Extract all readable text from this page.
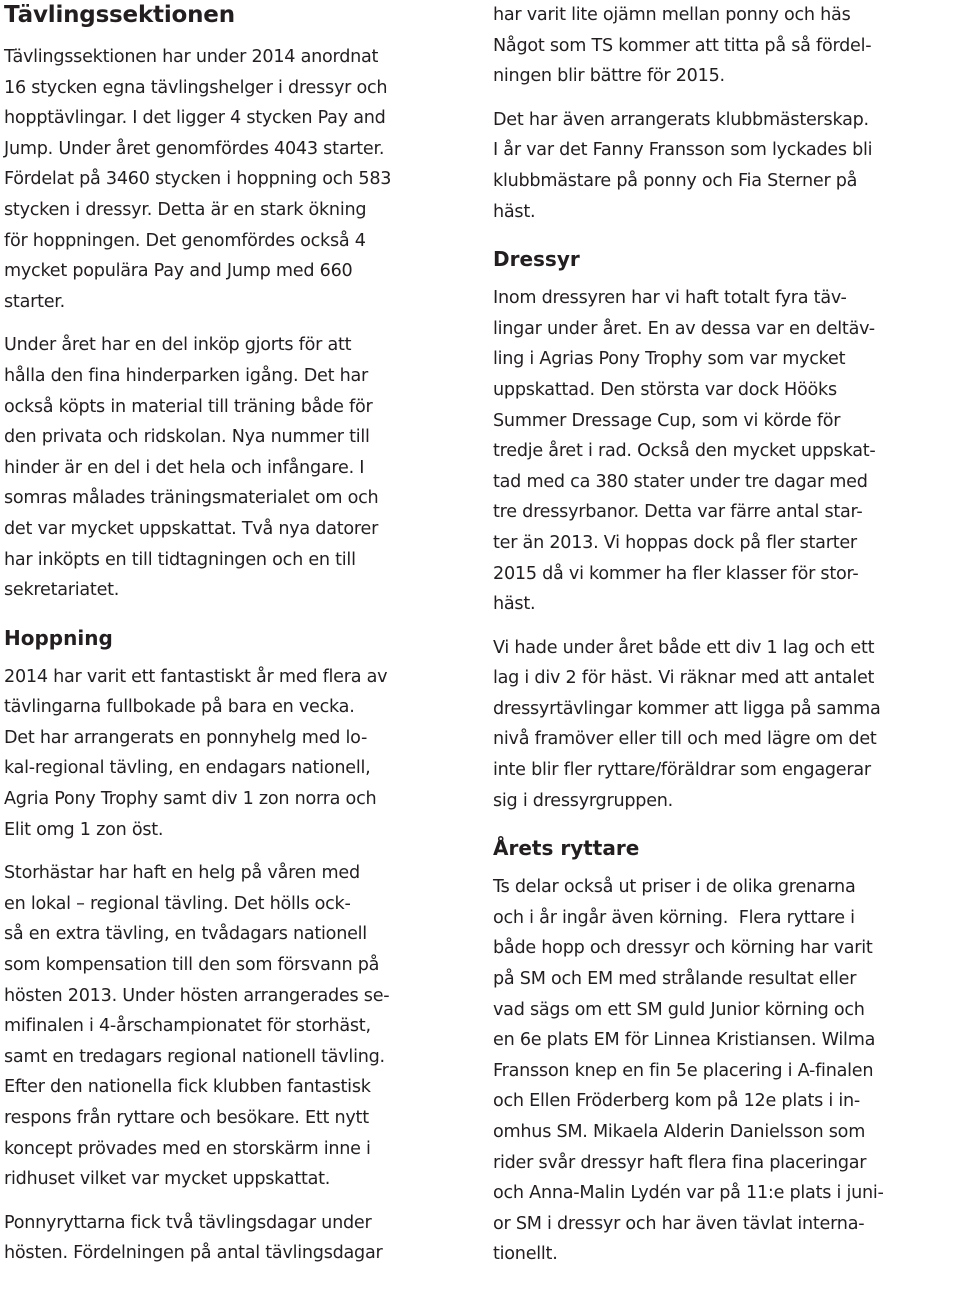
Tävlingssektionen
Tävlingssektionen har under 2014 anordnat
16 stycken egna tävlingshelger i dressyr och
hopptävlingar. I det ligger 4 stycken Pay and
Jump. Under året genomfördes 4043 starter.
Fördelat på 3460 stycken i hoppning och 583
stycken i dressyr. Detta är en stark ökning
för hoppningen. Det genomfördes också 4
mycket populära Pay and Jump med 660
starter.
Under året har en del inköp gjorts för att
hålla den fina hinderparken igång. Det har
också köpts in material till träning både för
den privata och ridskolan. Nya nummer till
hinder är en del i det hela och infångare. I
somras målades träningsmaterialet om och
det var mycket uppskattat. Två nya datorer
har inköpts en till tidtagningen och en till
sekretariatet.
Hoppning
2014 har varit ett fantastiskt år med flera av
tävlingarna fullbokade på bara en vecka.
Det har arrangerats en ponnyhelg med lo-
kal-regional tävling, en endagars nationell,
Agria Pony Trophy samt div 1 zon norra och
Elit omg 1 zon öst.
Storhästar har haft en helg på våren med
en lokal – regional tävling. Det hölls ock-
så en extra tävling, en tvådagars nationell
som kompensation till den som försvann på
hösten 2013. Under hösten arrangerades se-
mifinalen i 4-årschampionatet för storhäst,
samt en tredagars regional nationell tävling.
Efter den nationella fick klubben fantastisk
respons från ryttare och besökare. Ett nytt
koncept prövades med en storskärm inne i
ridhuset vilket var mycket uppskattat.
Ponnyryttarna fick två tävlingsdagar under
hösten. Fördelningen på antal tävlingsdagar
har varit lite ojämn mellan ponny och häs
Något som TS kommer att titta på så fördel-
ningen blir bättre för 2015.
Det har även arrangerats klubbmästerskap.
I år var det Fanny Fransson som lyckades bli
klubbmästare på ponny och Fia Sterner på
häst.
Dressyr
Inom dressyren har vi haft totalt fyra täv-
lingar under året. En av dessa var en deltäv-
ling i Agrias Pony Trophy som var mycket
uppskattad. Den största var dock Hööks
Summer Dressage Cup, som vi körde för
tredje året i rad. Också den mycket uppskat-
tad med ca 380 stater under tre dagar med
tre dressyrbanor. Detta var färre antal star-
ter än 2013. Vi hoppas dock på fler starter
2015 då vi kommer ha fler klasser för stor-
häst.
Vi hade under året både ett div 1 lag och ett
lag i div 2 för häst. Vi räknar med att antalet
dressyrtävlingar kommer att ligga på samma
nivå framöver eller till och med lägre om det
inte blir fler ryttare/föräldrar som engagerar
sig i dressyrgruppen.
Årets ryttare
Ts delar också ut priser i de olika grenarna
och i år ingår även körning.  Flera ryttare i
både hopp och dressyr och körning har varit
på SM och EM med strålande resultat eller
vad sägs om ett SM guld Junior körning och
en 6e plats EM för Linnea Kristiansen. Wilma
Fransson knep en fin 5e placering i A-finalen
och Ellen Fröderberg kom på 12e plats i in-
omhus SM. Mikaela Alderin Danielsson som
rider svår dressyr haft flera fina placeringar
och Anna-Malin Lydén var på 11:e plats i juni-
or SM i dressyr och har även tävlat interna-
tionellt.
